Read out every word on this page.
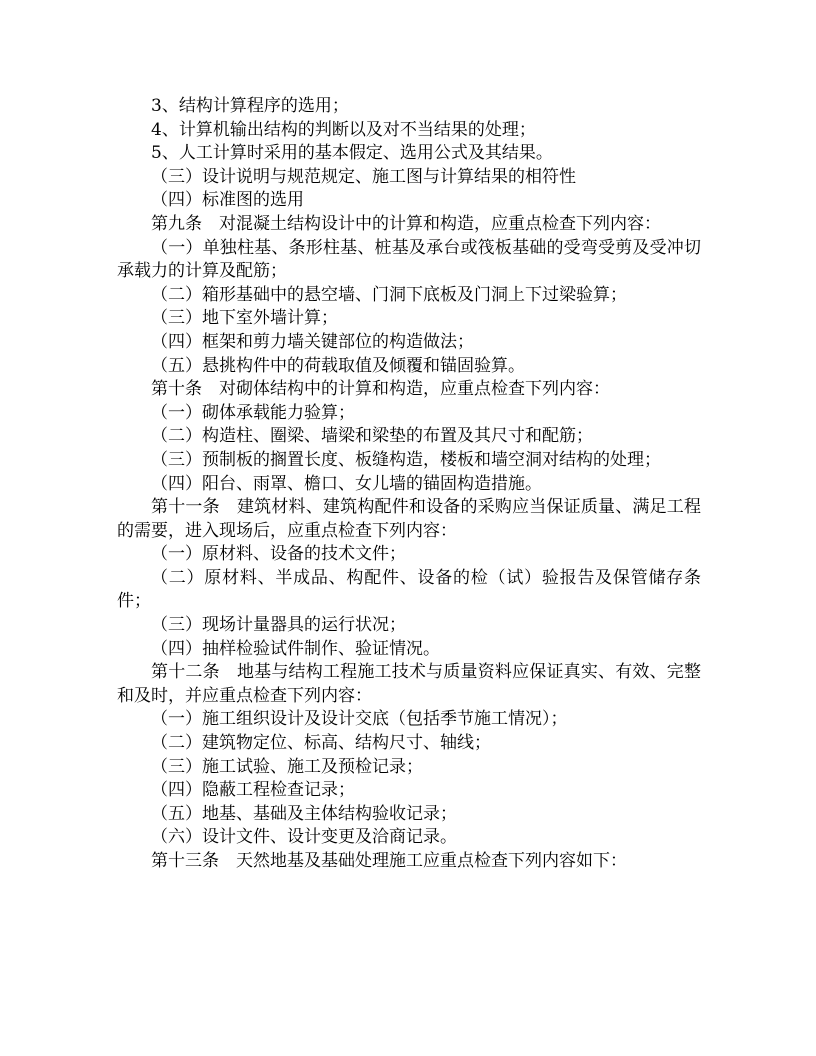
3、结构计算程序的选用；

4、计算机输出结构的判断以及对不当结果的处理；

5、人工计算时采用的基本假定、选用公式及其结果。

（三）设计说明与规范规定、施工图与计算结果的相符性

（四）标准图的选用

第九条　对混凝土结构设计中的计算和构造，应重点检查下列内容：

（一）单独柱基、条形柱基、桩基及承台或筏板基础的受弯受剪及受冲切承载力的计算及配筋；

（二）箱形基础中的悬空墙、门洞下底板及门洞上下过梁验算；

（三）地下室外墙计算；

（四）框架和剪力墙关键部位的构造做法；

（五）悬挑构件中的荷载取值及倾覆和锚固验算。

第十条　对砌体结构中的计算和构造，应重点检查下列内容：

（一）砌体承载能力验算；

（二）构造柱、圈梁、墙梁和梁垫的布置及其尺寸和配筋；

（三）预制板的搁置长度、板缝构造，楼板和墙空洞对结构的处理；

（四）阳台、雨罩、檐口、女儿墙的锚固构造措施。

第十一条　建筑材料、建筑构配件和设备的采购应当保证质量、满足工程的需要，进入现场后，应重点检查下列内容：

（一）原材料、设备的技术文件；

（二）原材料、半成品、构配件、设备的检（试）验报告及保管储存条件；

（三）现场计量器具的运行状况；

（四）抽样检验试件制作、验证情况。

第十二条　地基与结构工程施工技术与质量资料应保证真实、有效、完整和及时，并应重点检查下列内容：

（一）施工组织设计及设计交底（包括季节施工情况）；

（二）建筑物定位、标高、结构尺寸、轴线；

（三）施工试验、施工及预检记录；

（四）隐蔽工程检查记录；

（五）地基、基础及主体结构验收记录；

（六）设计文件、设计变更及洽商记录。

第十三条　天然地基及基础处理施工应重点检查下列内容如下：
